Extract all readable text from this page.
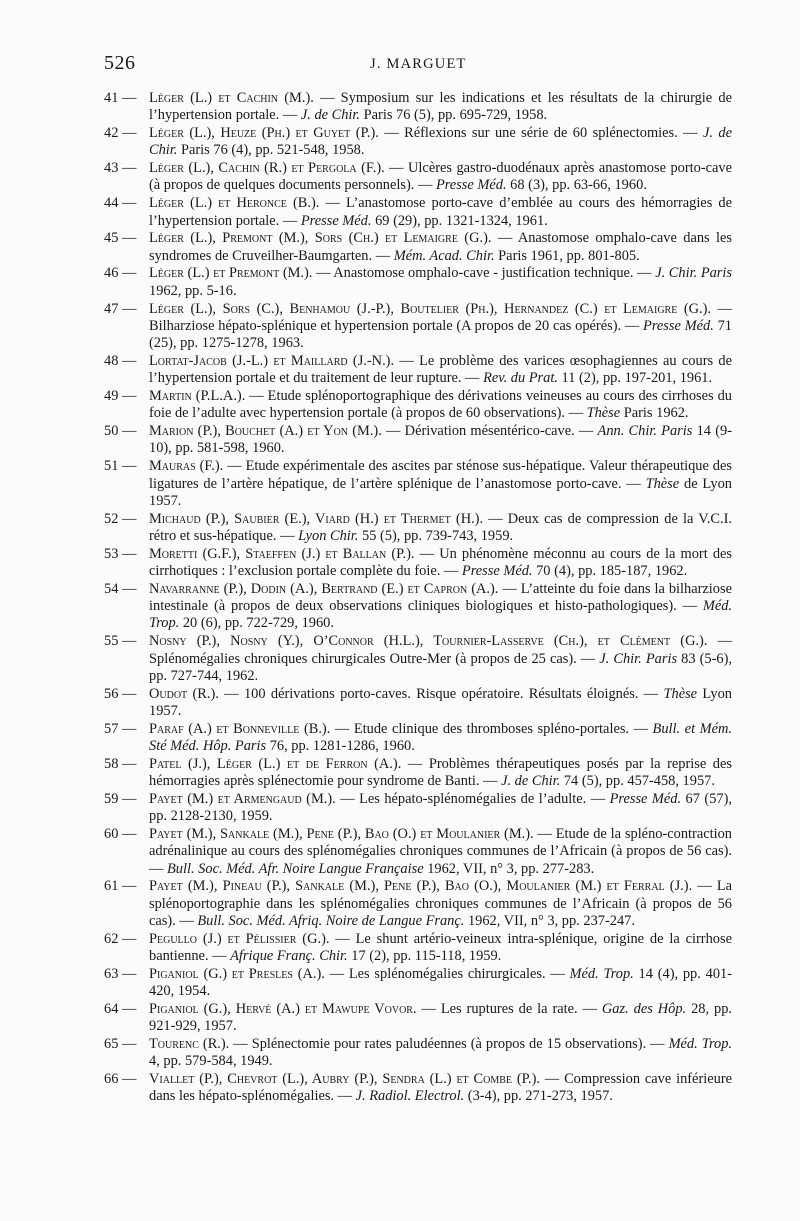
526	J. MARGUET
41 — Léger (L.) et Cachin (M.). — Symposium sur les indications et les résultats de la chirurgie de l’hypertension portale. — J. de Chir. Paris 76 (5), pp. 695-729, 1958.
42 — Léger (L.), Heuze (Ph.) et Guyet (P.). — Réflexions sur une série de 60 splénectomies. — J. de Chir. Paris 76 (4), pp. 521-548, 1958.
43 — Léger (L.), Cachin (R.) et Pergola (F.). — Ulcères gastro-duodénaux après anastomose porto-cave (à propos de quelques documents personnels). — Presse Méd. 68 (3), pp. 63-66, 1960.
44 — Léger (L.) et Heronce (B.). — L’anastomose porto-cave d’emblée au cours des hémorragies de l’hypertension portale. — Presse Méd. 69 (29), pp. 1321-1324, 1961.
45 — Léger (L.), Premont (M.), Sors (Ch.) et Lemaigre (G.). — Anastomose omphalo-cave dans les syndromes de Cruveilher-Baumgarten. — Mém. Acad. Chir. Paris 1961, pp. 801-805.
46 — Léger (L.) et Premont (M.). — Anastomose omphalo-cave - justification technique. — J. Chir. Paris 1962, pp. 5-16.
47 — Léger (L.), Sors (C.), Benhamou (J.-P.), Boutelier (Ph.), Hernandez (C.) et Lemaigre (G.). — Bilharziose hépato-splénique et hypertension portale (A propos de 20 cas opérés). — Presse Méd. 71 (25), pp. 1275-1278, 1963.
48 — Lortat-Jacob (J.-L.) et Maillard (J.-N.). — Le problème des varices œsophagiennes au cours de l’hypertension portale et du traitement de leur rupture. — Rev. du Prat. 11 (2), pp. 197-201, 1961.
49 — Martin (P.L.A.). — Etude splénoportographique des dérivations veineuses au cours des cirrhoses du foie de l’adulte avec hypertension portale (à propos de 60 observations). — Thèse Paris 1962.
50 — Marion (P.), Bouchet (A.) et Yon (M.). — Dérivation mésentérico-cave. — Ann. Chir. Paris 14 (9-10), pp. 581-598, 1960.
51 — Mauras (F.). — Etude expérimentale des ascites par sténose sus-hépatique. Valeur thérapeutique des ligatures de l’artère hépatique, de l’artère splénique de l’anastomose porto-cave. — Thèse de Lyon 1957.
52 — Michaud (P.), Saubier (E.), Viard (H.) et Thermet (H.). — Deux cas de compression de la V.C.I. rétro et sus-hépatique. — Lyon Chir. 55 (5), pp. 739-743, 1959.
53 — Moretti (G.F.), Staeffen (J.) et Ballan (P.). — Un phénomène méconnu au cours de la mort des cirrhotiques : l’exclusion portale complète du foie. — Presse Méd. 70 (4), pp. 185-187, 1962.
54 — Navarranne (P.), Dodin (A.), Bertrand (E.) et Capron (A.). — L’atteinte du foie dans la bilharziose intestinale (à propos de deux observations cliniques biologiques et histo-pathologiques). — Méd. Trop. 20 (6), pp. 722-729, 1960.
55 — Nosny (P.), Nosny (Y.), O’Connor (H.L.), Tournier-Lasserve (Ch.), et Clément (G.). — Splénomégalies chroniques chirurgicales Outre-Mer (à propos de 25 cas). — J. Chir. Paris 83 (5-6), pp. 727-744, 1962.
56 — Oudot (R.). — 100 dérivations porto-caves. Risque opératoire. Résultats éloignés. — Thèse Lyon 1957.
57 — Paraf (A.) et Bonneville (B.). — Etude clinique des thromboses spléno-portales. — Bull. et Mém. Sté Méd. Hôp. Paris 76, pp. 1281-1286, 1960.
58 — Patel (J.), Léger (L.) et de Ferron (A.). — Problèmes thérapeutiques posés par la reprise des hémorragies après splénectomie pour syndrome de Banti. — J. de Chir. 74 (5), pp. 457-458, 1957.
59 — Payet (M.) et Armengaud (M.). — Les hépato-splénomégalies de l’adulte. — Presse Méd. 67 (57), pp. 2128-2130, 1959.
60 — Payet (M.), Sankale (M.), Pene (P.), Bao (O.) et Moulanier (M.). — Etude de la spléno-contraction adrénalinique au cours des splénomégalies chroniques communes de l’Africain (à propos de 56 cas). — Bull. Soc. Méd. Afr. Noire Langue Française 1962, VII, n° 3, pp. 277-283.
61 — Payet (M.), Pineau (P.), Sankale (M.), Pene (P.), Bao (O.), Moulanier (M.) et Ferral (J.). — La splénoportographie dans les splénomégalies chroniques communes de l’Africain (à propos de 56 cas). — Bull. Soc. Méd. Afriq. Noire de Langue Franç. 1962, VII, n° 3, pp. 237-247.
62 — Pegullo (J.) et Pélissier (G.). — Le shunt artério-veineux intra-splénique, origine de la cirrhose bantienne. — Afrique Franç. Chir. 17 (2), pp. 115-118, 1959.
63 — Piganiol (G.) et Presles (A.). — Les splénomégalies chirurgicales. — Méd. Trop. 14 (4), pp. 401-420, 1954.
64 — Piganiol (G.), Hervé (A.) et Mawupe Vovor. — Les ruptures de la rate. — Gaz. des Hôp. 28, pp. 921-929, 1957.
65 — Tourenc (R.). — Splénectomie pour rates paludéennes (à propos de 15 observations). — Méd. Trop. 4, pp. 579-584, 1949.
66 — Viallet (P.), Chevrot (L.), Aubry (P.), Sendra (L.) et Combe (P.). — Compression cave inférieure dans les hépato-splénomégalies. — J. Radiol. Electrol. (3-4), pp. 271-273, 1957.
